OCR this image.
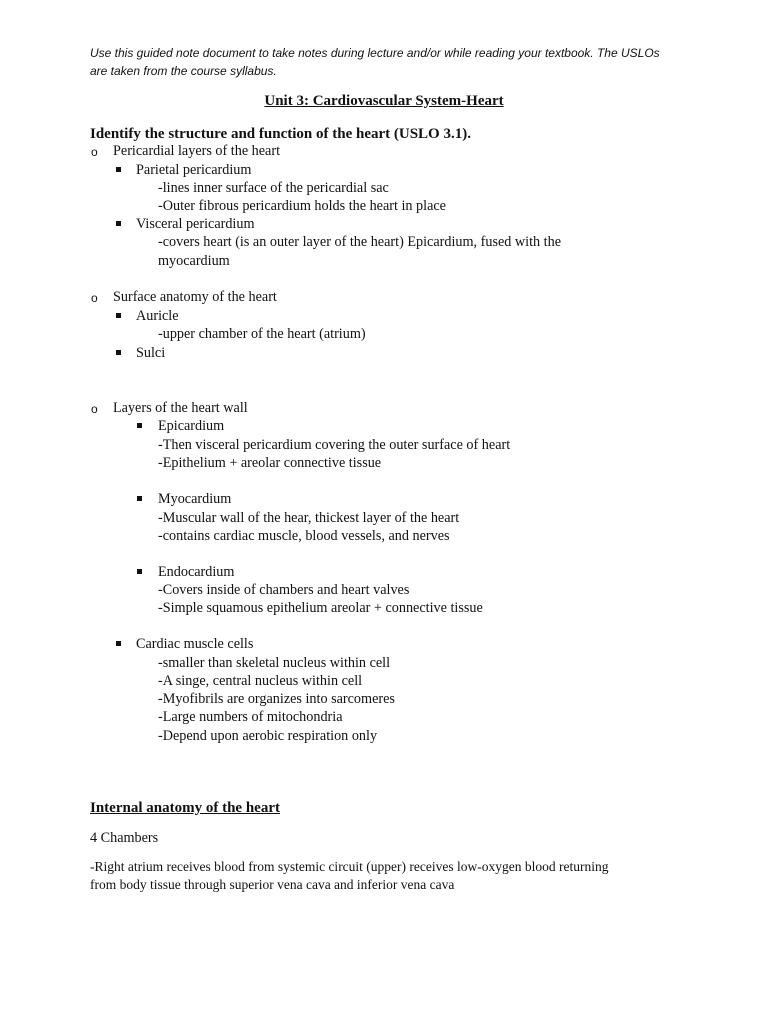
Use this guided note document to take notes during lecture and/or while reading your textbook. The USLOs
are taken from the course syllabus.
Unit 3: Cardiovascular System-Heart
Identify the structure and function of the heart (USLO 3.1).
o Pericardial layers of the heart
Parietal pericardium
-lines inner surface of the pericardial sac
-Outer fibrous pericardium holds the heart in place
Visceral pericardium
-covers heart (is an outer layer of the heart) Epicardium, fused with the
myocardium
o Surface anatomy of the heart
Auricle
-upper chamber of the heart (atrium)
Sulci
o Layers of the heart wall
Epicardium
-Then visceral pericardium covering the outer surface of heart
-Epithelium + areolar connective tissue
Myocardium
-Muscular wall of the hear, thickest layer of the heart
-contains cardiac muscle, blood vessels, and nerves
Endocardium
-Covers inside of chambers and heart valves
-Simple squamous epithelium areolar + connective tissue
Cardiac muscle cells
-smaller than skeletal nucleus within cell
-A singe, central nucleus within cell
-Myofibrils are organizes into sarcomeres
-Large numbers of mitochondria
-Depend upon aerobic respiration only
Internal anatomy of the heart
4 Chambers
-Right atrium receives blood from systemic circuit (upper) receives low-oxygen blood returning
from body tissue through superior vena cava and inferior vena cava
